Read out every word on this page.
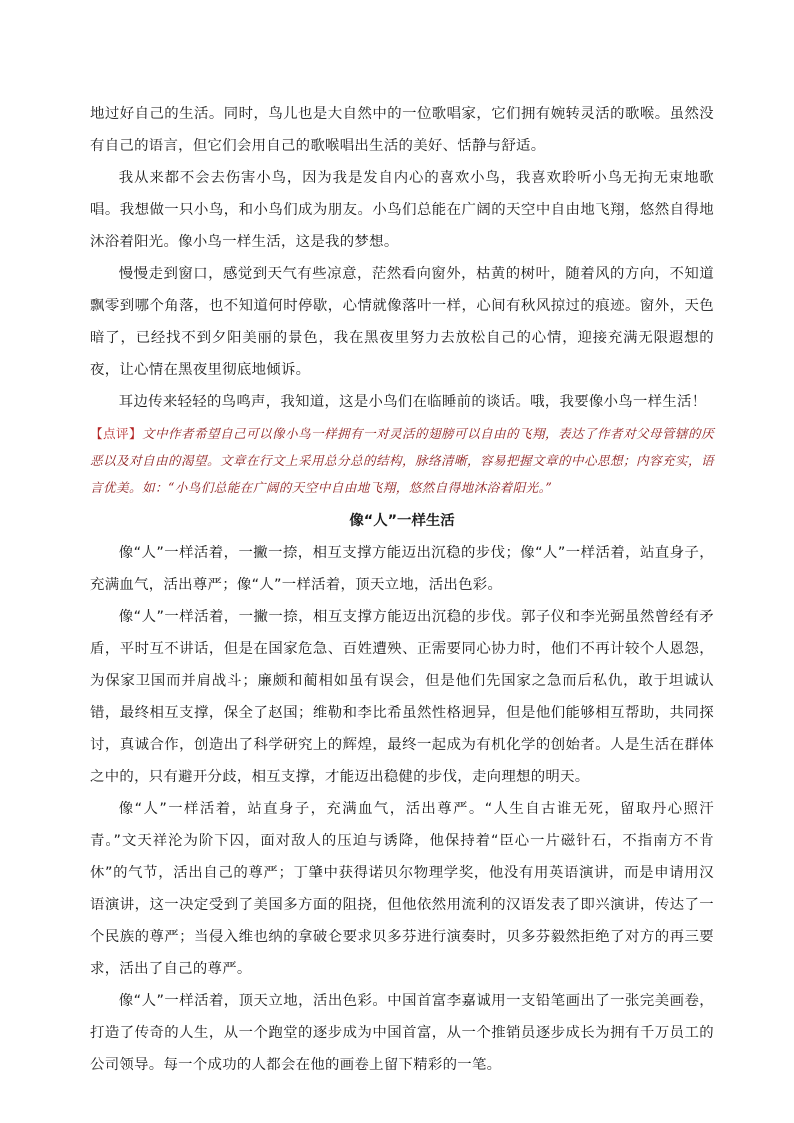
地过好自己的生活。同时，鸟儿也是大自然中的一位歌唱家，它们拥有婉转灵活的歌喉。虽然没有自己的语言，但它们会用自己的歌喉唱出生活的美好、恬静与舒适。

我从来都不会去伤害小鸟，因为我是发自内心的喜欢小鸟，我喜欢聆听小鸟无拘无束地歌唱。我想做一只小鸟，和小鸟们成为朋友。小鸟们总能在广阔的天空中自由地飞翔，悠然自得地沐浴着阳光。像小鸟一样生活，这是我的梦想。

慢慢走到窗口，感觉到天气有些凉意，茫然看向窗外，枯黄的树叶，随着风的方向，不知道飘零到哪个角落，也不知道何时停歇，心情就像落叶一样，心间有秋风掠过的痕迹。窗外，天色暗了，已经找不到夕阳美丽的景色，我在黑夜里努力去放松自己的心情，迎接充满无限遐想的夜，让心情在黑夜里彻底地倾诉。

耳边传来轻轻的鸟鸣声，我知道，这是小鸟们在临睡前的谈话。哦，我要像小鸟一样生活！

【点评】文中作者希望自己可以像小鸟一样拥有一对灵活的翅膀可以自由的飞翔，表达了作者对父母管辖的厌恶以及对自由的渴望。文章在行文上采用总分总的结构，脉络清晰，容易把握文章的中心思想；内容充实，语言优美。如：“小鸟们总能在广阔的天空中自由地飞翔，悠然自得地沐浴着阳光。”

像“人”一样生活

像“人”一样活着，一撇一捺，相互支撑方能迈出沉稳的步伐；像“人”一样活着，站直身子，充满血气，活出尊严；像“人”一样活着，顶天立地，活出色彩。

像“人”一样活着，一撇一捺，相互支撑方能迈出沉稳的步伐。郭子仪和李光弼虽然曾经有矛盾，平时互不讲话，但是在国家危急、百姓遭殃、正需要同心协力时，他们不再计较个人恩怨，为保家卫国而并肩战斗；廉颇和蔺相如虽有误会，但是他们先国家之急而后私仇，敢于坦诚认错，最终相互支撑，保全了赵国；维勒和李比希虽然性格迥异，但是他们能够相互帮助，共同探讨，真诚合作，创造出了科学研究上的辉煌，最终一起成为有机化学的创始者。人是生活在群体之中的，只有避开分歧，相互支撑，才能迈出稳健的步伐，走向理想的明天。

像“人”一样活着，站直身子，充满血气，活出尊严。“人生自古谁无死，留取丹心照汗青。”文天祥沦为阶下囚，面对敌人的压迫与诱降，他保持着“臣心一片磁针石，不指南方不肯休”的气节，活出自己的尊严；丁肇中获得诺贝尔物理学奖，他没有用英语演讲，而是申请用汉语演讲，这一决定受到了美国多方面的阻挠，但他依然用流利的汉语发表了即兴演讲，传达了一个民族的尊严；当侵入维也纳的拿破仑要求贝多芬进行演奏时，贝多芬毅然拒绝了对方的再三要求，活出了自己的尊严。

像“人”一样活着，顶天立地，活出色彩。中国首富李嘉诚用一支铅笔画出了一张完美画卷，打造了传奇的人生，从一个跑堂的逐步成为中国首富，从一个推销员逐步成长为拥有千万员工的公司领导。每一个成功的人都会在他的画卷上留下精彩的一笔。
